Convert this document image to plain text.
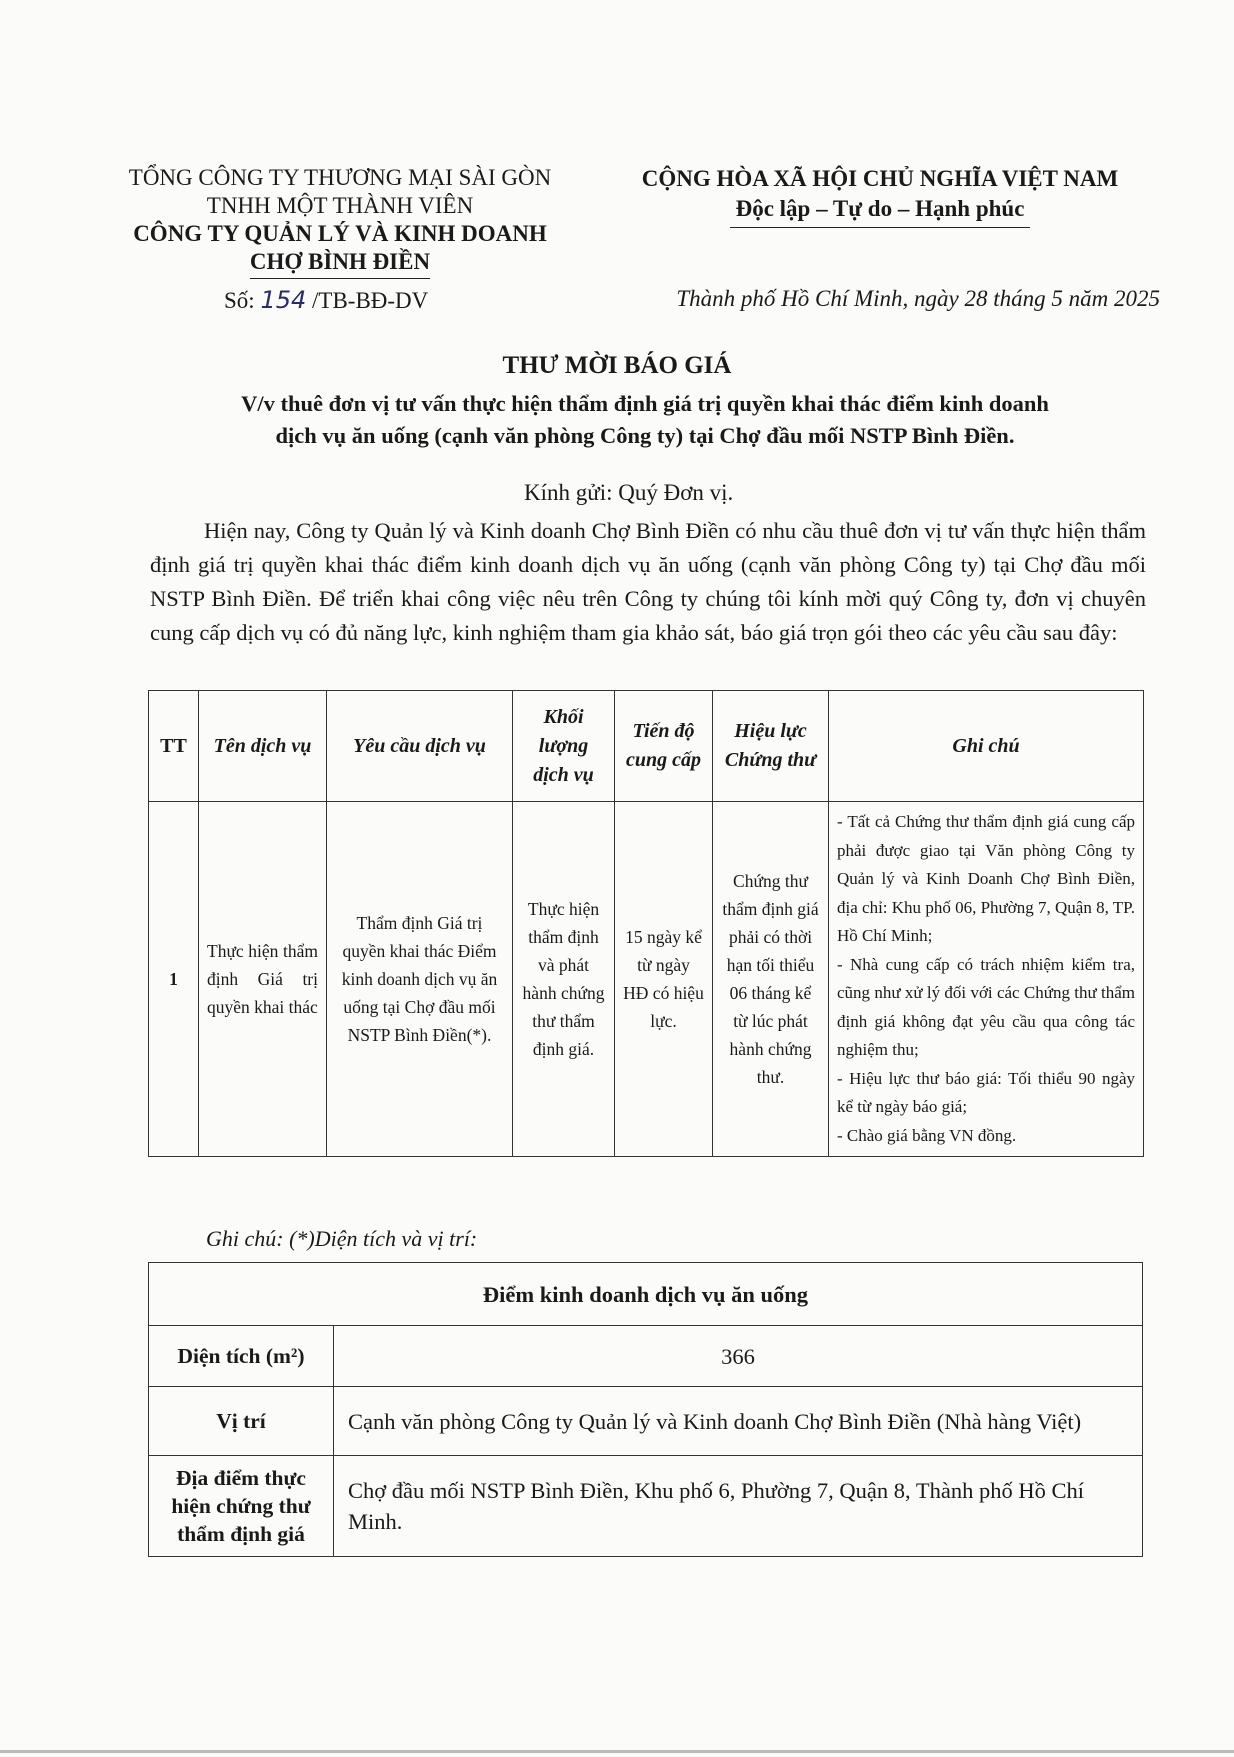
TỔNG CÔNG TY THƯƠNG MẠI SÀI GÒN
TNHH MỘT THÀNH VIÊN
CÔNG TY QUẢN LÝ VÀ KINH DOANH
CHỢ BÌNH ĐIỀN
CỘNG HÒA XÃ HỘI CHỦ NGHĨA VIỆT NAM
Độc lập – Tự do – Hạnh phúc
Số: 154 /TB-BĐ-DV	Thành phố Hồ Chí Minh, ngày 28 tháng 5 năm 2025
THƯ MỜI BÁO GIÁ
V/v thuê đơn vị tư vấn thực hiện thẩm định giá trị quyền khai thác điểm kinh doanh
dịch vụ ăn uống (cạnh văn phòng Công ty) tại Chợ đầu mối NSTP Bình Điền.
Kính gửi: Quý Đơn vị.

Hiện nay, Công ty Quản lý và Kinh doanh Chợ Bình Điền có nhu cầu thuê đơn vị tư vấn thực hiện thẩm định giá trị quyền khai thác điểm kinh doanh dịch vụ ăn uống (cạnh văn phòng Công ty) tại Chợ đầu mối NSTP Bình Điền. Để triển khai công việc nêu trên Công ty chúng tôi kính mời quý Công ty, đơn vị chuyên cung cấp dịch vụ có đủ năng lực, kinh nghiệm tham gia khảo sát, báo giá trọn gói theo các yêu cầu sau đây:

TT	Tên dịch vụ	Yêu cầu dịch vụ	Khối lượng dịch vụ	Tiến độ cung cấp	Hiệu lực Chứng thư	Ghi chú
1	Thực hiện thẩm định Giá trị quyền khai thác	Thẩm định Giá trị quyền khai thác Điểm kinh doanh dịch vụ ăn uống tại Chợ đầu mối NSTP Bình Điền(*).	Thực hiện thẩm định và phát hành chứng thư thẩm định giá.	15 ngày kể từ ngày HĐ có hiệu lực.	Chứng thư thẩm định giá phải có thời hạn tối thiểu 06 tháng kể từ lúc phát hành chứng thư.	- Tất cả Chứng thư thẩm định giá cung cấp phải được giao tại Văn phòng Công ty Quản lý và Kinh Doanh Chợ Bình Điền, địa chỉ: Khu phố 06, Phường 7, Quận 8, TP. Hồ Chí Minh;
- Nhà cung cấp có trách nhiệm kiểm tra, cũng như xử lý đối với các Chứng thư thẩm định giá không đạt yêu cầu qua công tác nghiệm thu;
- Hiệu lực thư báo giá: Tối thiểu 90 ngày kể từ ngày báo giá;
- Chào giá bằng VN đồng.
Ghi chú: (*)Diện tích và vị trí:
Điểm kinh doanh dịch vụ ăn uống	
Diện tích (m²)	366
Vị trí	Cạnh văn phòng Công ty Quản lý và Kinh doanh Chợ Bình Điền (Nhà hàng Việt)
Địa điểm thực hiện chứng thư thẩm định giá	Chợ đầu mối NSTP Bình Điền, Khu phố 6, Phường 7, Quận 8, Thành phố Hồ Chí Minh.
